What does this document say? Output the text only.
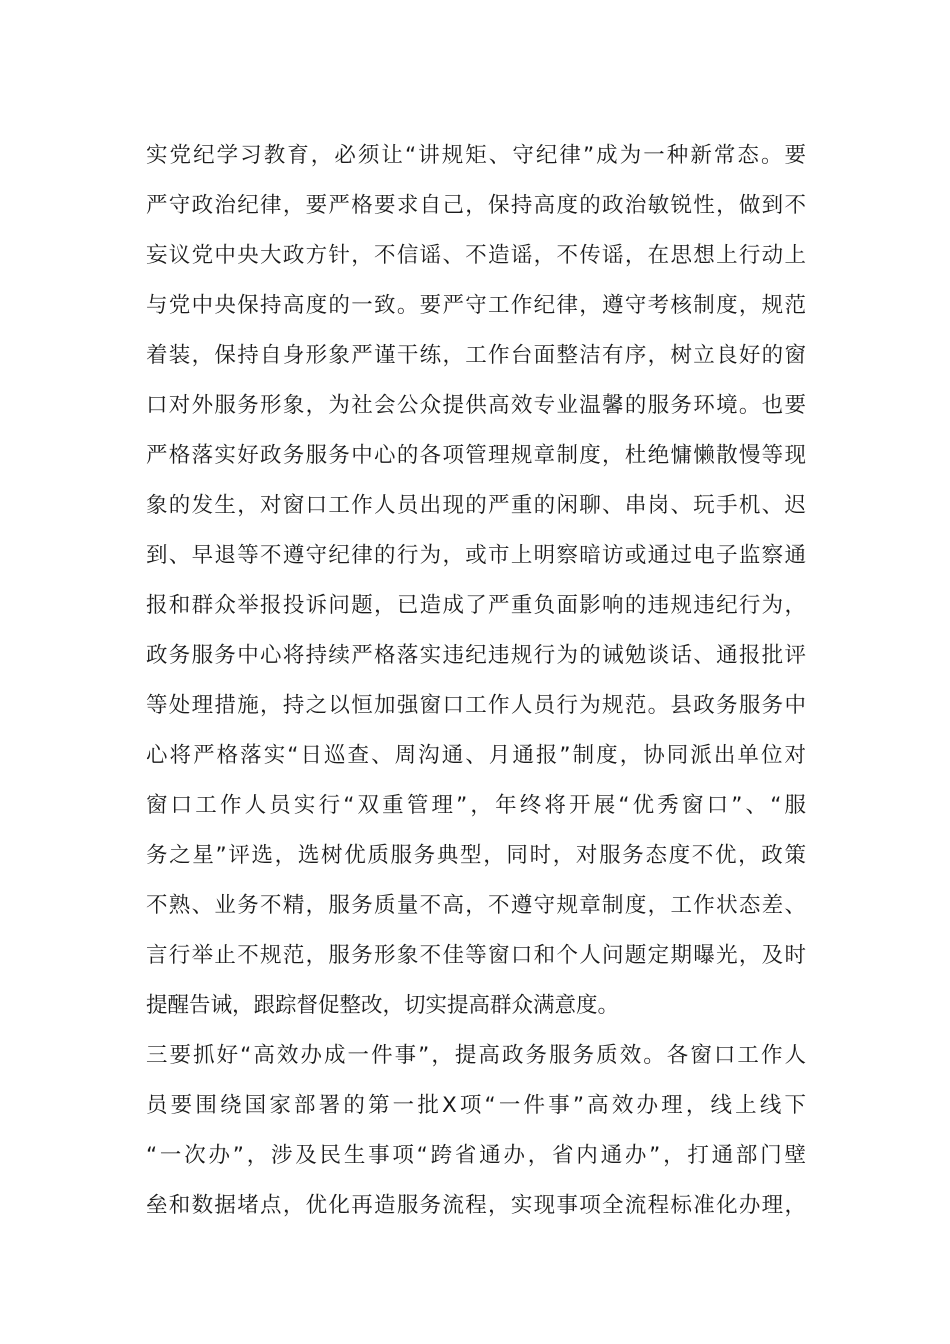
实党纪学习教育，必须让“讲规矩、守纪律”成为一种新常态。要
严守政治纪律，要严格要求自己，保持高度的政治敏锐性，做到不
妄议党中央大政方针，不信谣、不造谣，不传谣，在思想上行动上
与党中央保持高度的一致。要严守工作纪律，遵守考核制度，规范
着装，保持自身形象严谨干练，工作台面整洁有序，树立良好的窗
口对外服务形象，为社会公众提供高效专业温馨的服务环境。也要
严格落实好政务服务中心的各项管理规章制度，杜绝慵懒散慢等现
象的发生，对窗口工作人员出现的严重的闲聊、串岗、玩手机、迟
到、早退等不遵守纪律的行为，或市上明察暗访或通过电子监察通
报和群众举报投诉问题，已造成了严重负面影响的违规违纪行为，
政务服务中心将持续严格落实违纪违规行为的诫勉谈话、通报批评
等处理措施，持之以恒加强窗口工作人员行为规范。县政务服务中
心将严格落实“日巡查、周沟通、月通报”制度，协同派出单位对
窗口工作人员实行“双重管理”，年终将开展“优秀窗口”、“服
务之星”评选，选树优质服务典型，同时，对服务态度不优，政策
不熟、业务不精，服务质量不高，不遵守规章制度，工作状态差、
言行举止不规范，服务形象不佳等窗口和个人问题定期曝光，及时
提醒告诫，跟踪督促整改，切实提高群众满意度。
三要抓好“高效办成一件事”，提高政务服务质效。各窗口工作人
员要围绕国家部署的第一批X项“一件事”高效办理，线上线下
“一次办”，涉及民生事项“跨省通办，省内通办”，打通部门壁
垒和数据堵点，优化再造服务流程，实现事项全流程标准化办理，
